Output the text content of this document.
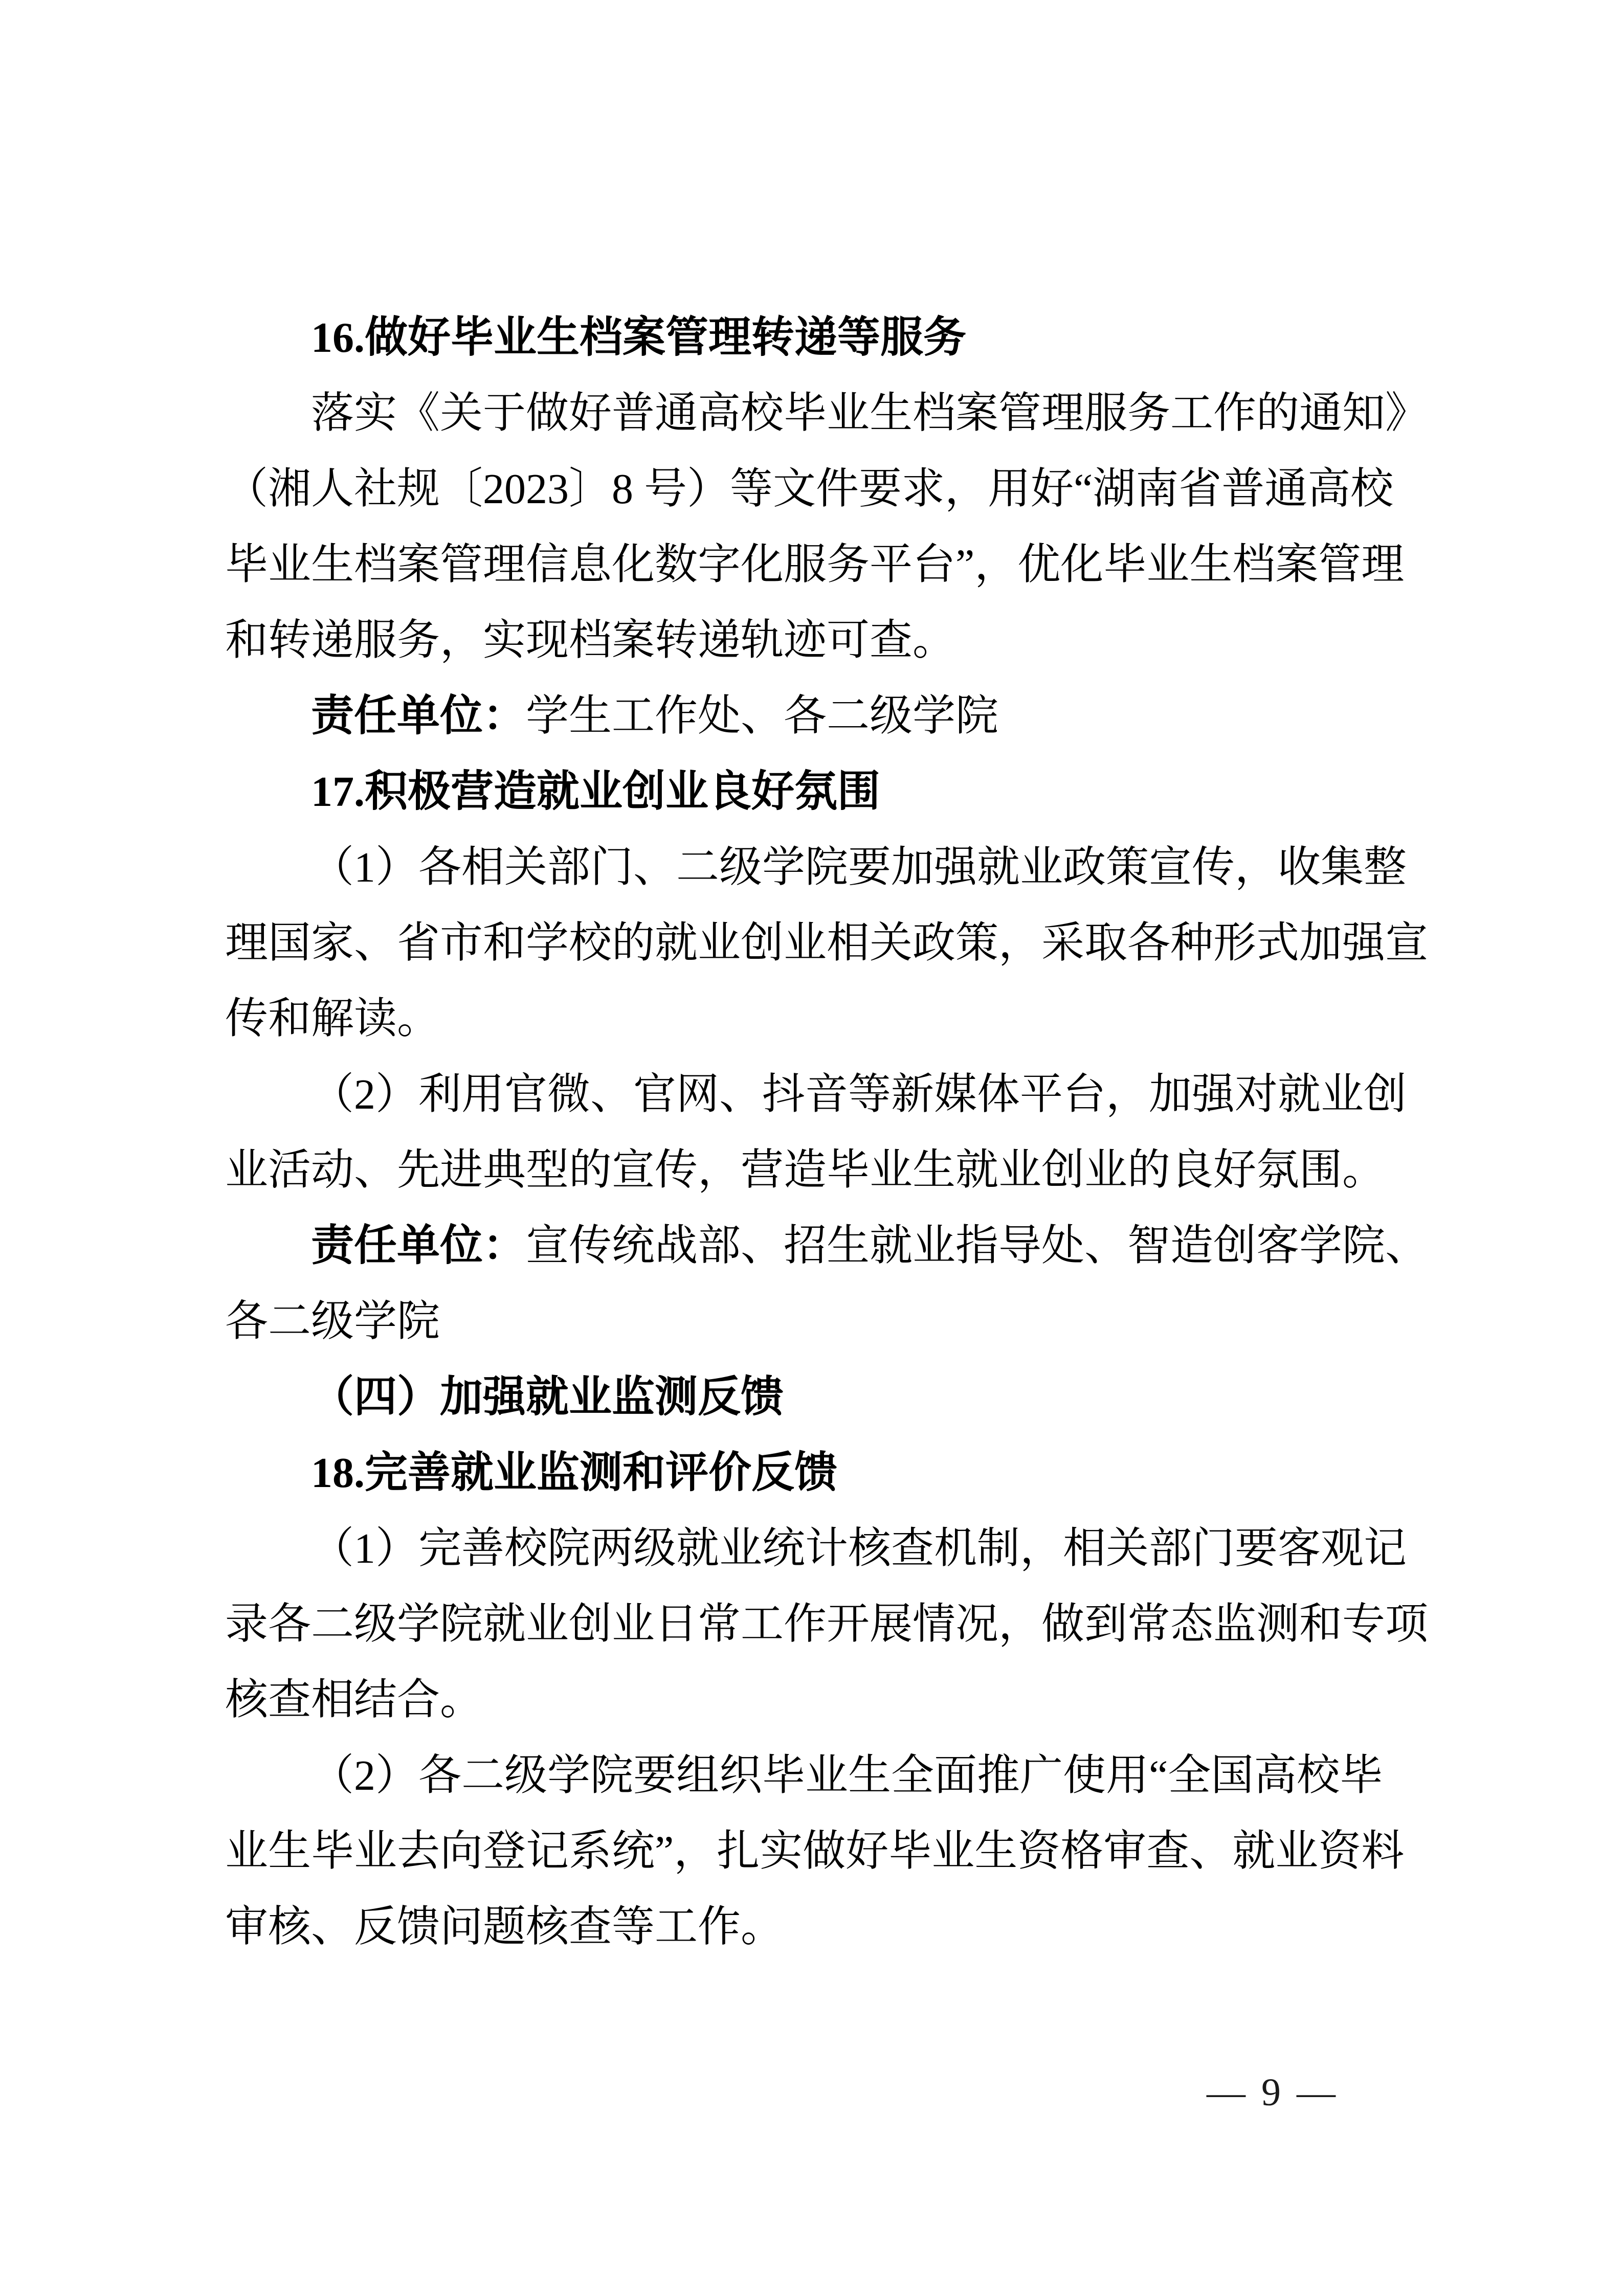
16.做好毕业生档案管理转递等服务
落实《关于做好普通高校毕业生档案管理服务工作的通知》
（湘人社规〔2023〕8 号）等文件要求，用好“湖南省普通高校
毕业生档案管理信息化数字化服务平台”，优化毕业生档案管理
和转递服务，实现档案转递轨迹可查。
责任单位：学生工作处、各二级学院
17.积极营造就业创业良好氛围
（1）各相关部门、二级学院要加强就业政策宣传，收集整
理国家、省市和学校的就业创业相关政策，采取各种形式加强宣
传和解读。
（2）利用官微、官网、抖音等新媒体平台，加强对就业创
业活动、先进典型的宣传，营造毕业生就业创业的良好氛围。
责任单位：宣传统战部、招生就业指导处、智造创客学院、
各二级学院
（四）加强就业监测反馈
18.完善就业监测和评价反馈
（1）完善校院两级就业统计核查机制，相关部门要客观记
录各二级学院就业创业日常工作开展情况，做到常态监测和专项
核查相结合。
（2）各二级学院要组织毕业生全面推广使用“全国高校毕
业生毕业去向登记系统”，扎实做好毕业生资格审查、就业资料
审核、反馈问题核查等工作。
— 9 —
